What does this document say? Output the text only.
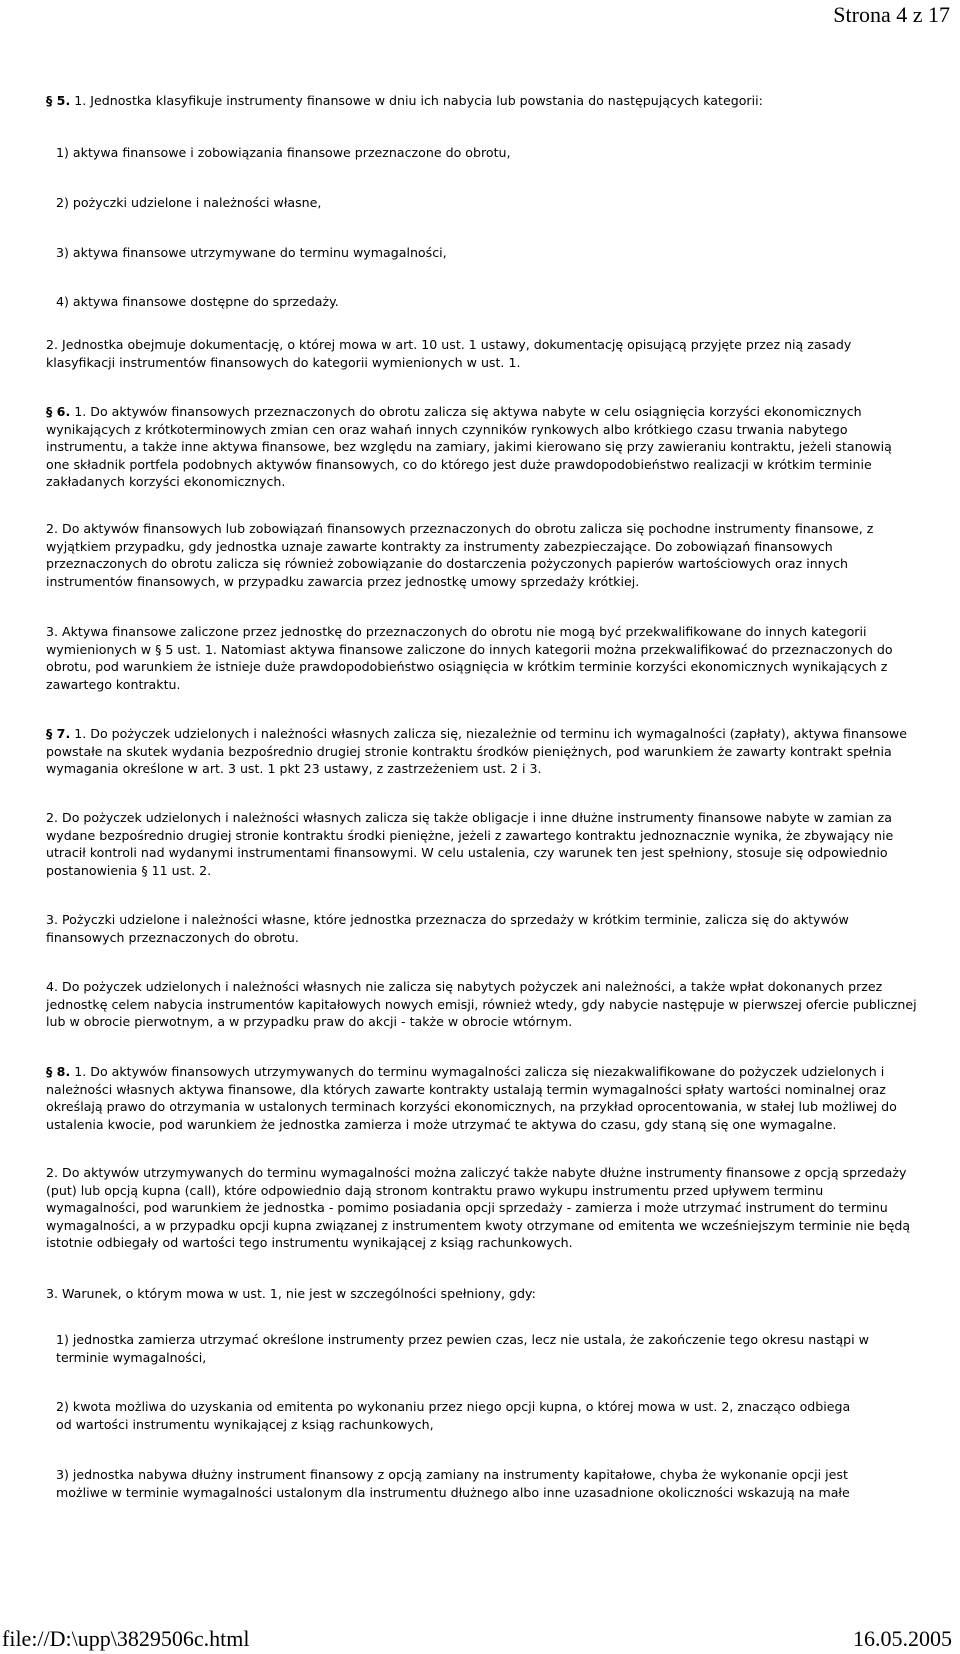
Strona 4 z 17
§ 5. 1. Jednostka klasyfikuje instrumenty finansowe w dniu ich nabycia lub powstania do następujących kategorii:
1) aktywa finansowe i zobowiązania finansowe przeznaczone do obrotu,
2) pożyczki udzielone i należności własne,
3) aktywa finansowe utrzymywane do terminu wymagalności,
4) aktywa finansowe dostępne do sprzedaży.
2. Jednostka obejmuje dokumentację, o której mowa w art. 10 ust. 1 ustawy, dokumentację opisującą przyjęte przez nią zasady
klasyfikacji instrumentów finansowych do kategorii wymienionych w ust. 1.
§ 6. 1. Do aktywów finansowych przeznaczonych do obrotu zalicza się aktywa nabyte w celu osiągnięcia korzyści ekonomicznych
wynikających z krótkoterminowych zmian cen oraz wahań innych czynników rynkowych albo krótkiego czasu trwania nabytego
instrumentu, a także inne aktywa finansowe, bez względu na zamiary, jakimi kierowano się przy zawieraniu kontraktu, jeżeli stanowią
one składnik portfela podobnych aktywów finansowych, co do którego jest duże prawdopodobieństwo realizacji w krótkim terminie
zakładanych korzyści ekonomicznych.
2. Do aktywów finansowych lub zobowiązań finansowych przeznaczonych do obrotu zalicza się pochodne instrumenty finansowe, z
wyjątkiem przypadku, gdy jednostka uznaje zawarte kontrakty za instrumenty zabezpieczające. Do zobowiązań finansowych
przeznaczonych do obrotu zalicza się również zobowiązanie do dostarczenia pożyczonych papierów wartościowych oraz innych
instrumentów finansowych, w przypadku zawarcia przez jednostkę umowy sprzedaży krótkiej.
3. Aktywa finansowe zaliczone przez jednostkę do przeznaczonych do obrotu nie mogą być przekwalifikowane do innych kategorii
wymienionych w § 5 ust. 1. Natomiast aktywa finansowe zaliczone do innych kategorii można przekwalifikować do przeznaczonych do
obrotu, pod warunkiem że istnieje duże prawdopodobieństwo osiągnięcia w krótkim terminie korzyści ekonomicznych wynikających z
zawartego kontraktu.
§ 7. 1. Do pożyczek udzielonych i należności własnych zalicza się, niezależnie od terminu ich wymagalności (zapłaty), aktywa finansowe
powstałe na skutek wydania bezpośrednio drugiej stronie kontraktu środków pieniężnych, pod warunkiem że zawarty kontrakt spełnia
wymagania określone w art. 3 ust. 1 pkt 23 ustawy, z zastrzeżeniem ust. 2 i 3.
2. Do pożyczek udzielonych i należności własnych zalicza się także obligacje i inne dłużne instrumenty finansowe nabyte w zamian za
wydane bezpośrednio drugiej stronie kontraktu środki pieniężne, jeżeli z zawartego kontraktu jednoznacznie wynika, że zbywający nie
utracił kontroli nad wydanymi instrumentami finansowymi. W celu ustalenia, czy warunek ten jest spełniony, stosuje się odpowiednio
postanowienia § 11 ust. 2.
3. Pożyczki udzielone i należności własne, które jednostka przeznacza do sprzedaży w krótkim terminie, zalicza się do aktywów
finansowych przeznaczonych do obrotu.
4. Do pożyczek udzielonych i należności własnych nie zalicza się nabytych pożyczek ani należności, a także wpłat dokonanych przez
jednostkę celem nabycia instrumentów kapitałowych nowych emisji, również wtedy, gdy nabycie następuje w pierwszej ofercie publicznej
lub w obrocie pierwotnym, a w przypadku praw do akcji - także w obrocie wtórnym.
§ 8. 1. Do aktywów finansowych utrzymywanych do terminu wymagalności zalicza się niezakwalifikowane do pożyczek udzielonych i
należności własnych aktywa finansowe, dla których zawarte kontrakty ustalają termin wymagalności spłaty wartości nominalnej oraz
określają prawo do otrzymania w ustalonych terminach korzyści ekonomicznych, na przykład oprocentowania, w stałej lub możliwej do
ustalenia kwocie, pod warunkiem że jednostka zamierza i może utrzymać te aktywa do czasu, gdy staną się one wymagalne.
2. Do aktywów utrzymywanych do terminu wymagalności można zaliczyć także nabyte dłużne instrumenty finansowe z opcją sprzedaży
(put) lub opcją kupna (call), które odpowiednio dają stronom kontraktu prawo wykupu instrumentu przed upływem terminu
wymagalności, pod warunkiem że jednostka - pomimo posiadania opcji sprzedaży - zamierza i może utrzymać instrument do terminu
wymagalności, a w przypadku opcji kupna związanej z instrumentem kwoty otrzymane od emitenta we wcześniejszym terminie nie będą
istotnie odbiegały od wartości tego instrumentu wynikającej z ksiąg rachunkowych.
3. Warunek, o którym mowa w ust. 1, nie jest w szczególności spełniony, gdy:
1) jednostka zamierza utrzymać określone instrumenty przez pewien czas, lecz nie ustala, że zakończenie tego okresu nastąpi w
terminie wymagalności,
2) kwota możliwa do uzyskania od emitenta po wykonaniu przez niego opcji kupna, o której mowa w ust. 2, znacząco odbiega
od wartości instrumentu wynikającej z ksiąg rachunkowych,
3) jednostka nabywa dłużny instrument finansowy z opcją zamiany na instrumenty kapitałowe, chyba że wykonanie opcji jest
możliwe w terminie wymagalności ustalonym dla instrumentu dłużnego albo inne uzasadnione okoliczności wskazują na małe
file://D:\upp\3829506c.html	16.05.2005
